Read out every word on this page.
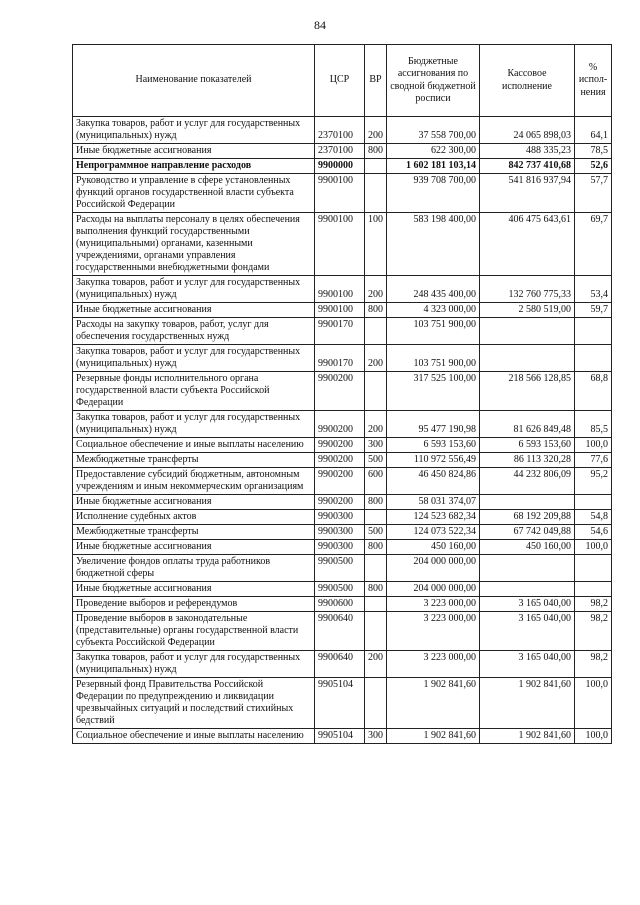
84
Наименование показателей	ЦСР	ВР	Бюджетные ассигнования по сводной бюджетной росписи	Кассовое исполнение	% испол-нения
Закупка товаров, работ и услуг для государственных (муниципальных) нужд	2370100	200	37 558 700,00	24 065 898,03	64,1
Иные бюджетные ассигнования	2370100	800	622 300,00	488 335,23	78,5
Непрограммное направление расходов	9900000		1 602 181 103,14	842 737 410,68	52,6
Руководство и управление в сфере установленных функций органов государственной власти субъекта Российской Федерации	9900100		939 708 700,00	541 816 937,94	57,7
Расходы на выплаты персоналу в целях обеспечения выполнения функций государственными (муниципальными) органами, казенными учреждениями, органами управления государственными внебюджетными фондами	9900100	100	583 198 400,00	406 475 643,61	69,7
Закупка товаров, работ и услуг для государственных (муниципальных) нужд	9900100	200	248 435 400,00	132 760 775,33	53,4
Иные бюджетные ассигнования	9900100	800	4 323 000,00	2 580 519,00	59,7
Расходы на закупку товаров, работ, услуг для обеспечения государственных нужд	9900170		103 751 900,00		
Закупка товаров, работ и услуг для государственных (муниципальных) нужд	9900170	200	103 751 900,00		
Резервные фонды исполнительного органа государственной власти субъекта Российской Федерации	9900200		317 525 100,00	218 566 128,85	68,8
Закупка товаров, работ и услуг для государственных (муниципальных) нужд	9900200	200	95 477 190,98	81 626 849,48	85,5
Социальное обеспечение и иные выплаты населению	9900200	300	6 593 153,60	6 593 153,60	100,0
Межбюджетные трансферты	9900200	500	110 972 556,49	86 113 320,28	77,6
Предоставление субсидий бюджетным, автономным учреждениям и иным некоммерческим организациям	9900200	600	46 450 824,86	44 232 806,09	95,2
Иные бюджетные ассигнования	9900200	800	58 031 374,07		
Исполнение судебных актов	9900300		124 523 682,34	68 192 209,88	54,8
Межбюджетные трансферты	9900300	500	124 073 522,34	67 742 049,88	54,6
Иные бюджетные ассигнования	9900300	800	450 160,00	450 160,00	100,0
Увеличение фондов оплаты труда работников бюджетной сферы	9900500		204 000 000,00		
Иные бюджетные ассигнования	9900500	800	204 000 000,00		
Проведение выборов и референдумов	9900600		3 223 000,00	3 165 040,00	98,2
Проведение выборов в законодательные (представительные) органы государственной власти субъекта Российской Федерации	9900640		3 223 000,00	3 165 040,00	98,2
Закупка товаров, работ и услуг для государственных (муниципальных) нужд	9900640	200	3 223 000,00	3 165 040,00	98,2
Резервный фонд Правительства Российской Федерации по предупреждению и ликвидации чрезвычайных ситуаций и последствий стихийных бедствий	9905104		1 902 841,60	1 902 841,60	100,0
Социальное обеспечение и иные выплаты населению	9905104	300	1 902 841,60	1 902 841,60	100,0
